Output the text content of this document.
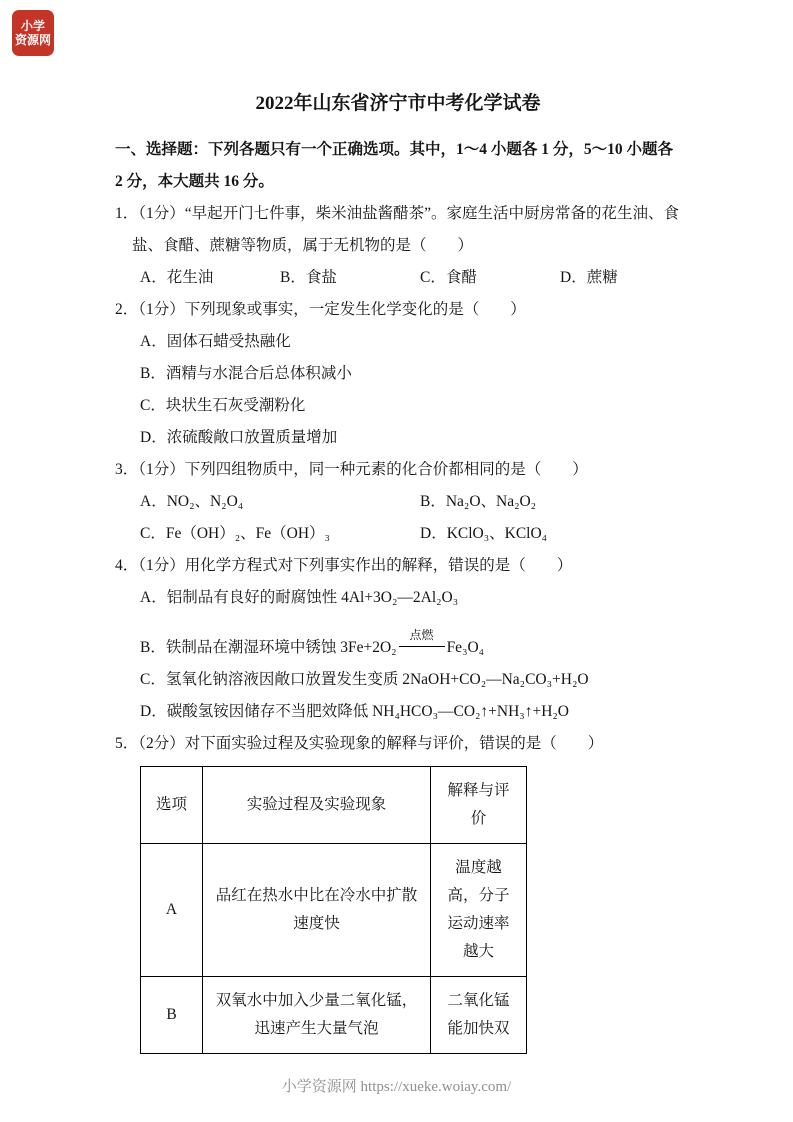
小学
资源网
2022年山东省济宁市中考化学试卷

一、选择题：下列各题只有一个正确选项。其中，1～4 小题各 1 分，5～10 小题各 2 分，本大题共 16 分。

1．（1分）“早起开门七件事，柴米油盐酱醋茶”。家庭生活中厨房常备的花生油、食盐、食醋、蔗糖等物质，属于无机物的是（　　）

A．花生油	B．食盐	C．食醋	D．蔗糖

2．（1分）下列现象或事实，一定发生化学变化的是（　　）

A．固体石蜡受热融化

B．酒精与水混合后总体积减小

C．块状生石灰受潮粉化

D．浓硫酸敞口放置质量增加

3．（1分）下列四组物质中，同一种元素的化合价都相同的是（　　）

A．NO₂、N₂O₄	B．Na₂O、Na₂O₂
C．Fe（OH）₂、Fe（OH）₃	D．KClO₃、KClO₄

4．（1分）用化学方程式对下列事实作出的解释，错误的是（　　）

A．铝制品有良好的耐腐蚀性 4Al+3O₂—2Al₂O₃

B．铁制品在潮湿环境中锈蚀 3Fe+2O₂
点燃
Fe₃O₄

C．氢氧化钠溶液因敞口放置发生变质 2NaOH+CO₂—Na₂CO₃+H₂O

D．碳酸氢铵因储存不当肥效降低 NH₄HCO₃—CO₂↑+NH₃↑+H₂O

5．（2分）对下面实验过程及实验现象的解释与评价，错误的是（　　）

选项	实验过程及实验现象	解释与评价
A	品红在热水中比在冷水中扩散速度快	温度越高，分子运动速率越大
B	双氧水中加入少量二氧化锰，迅速产生大量气泡	二氧化锰能加快双
小学资源网 https://xueke.woiay.com/
